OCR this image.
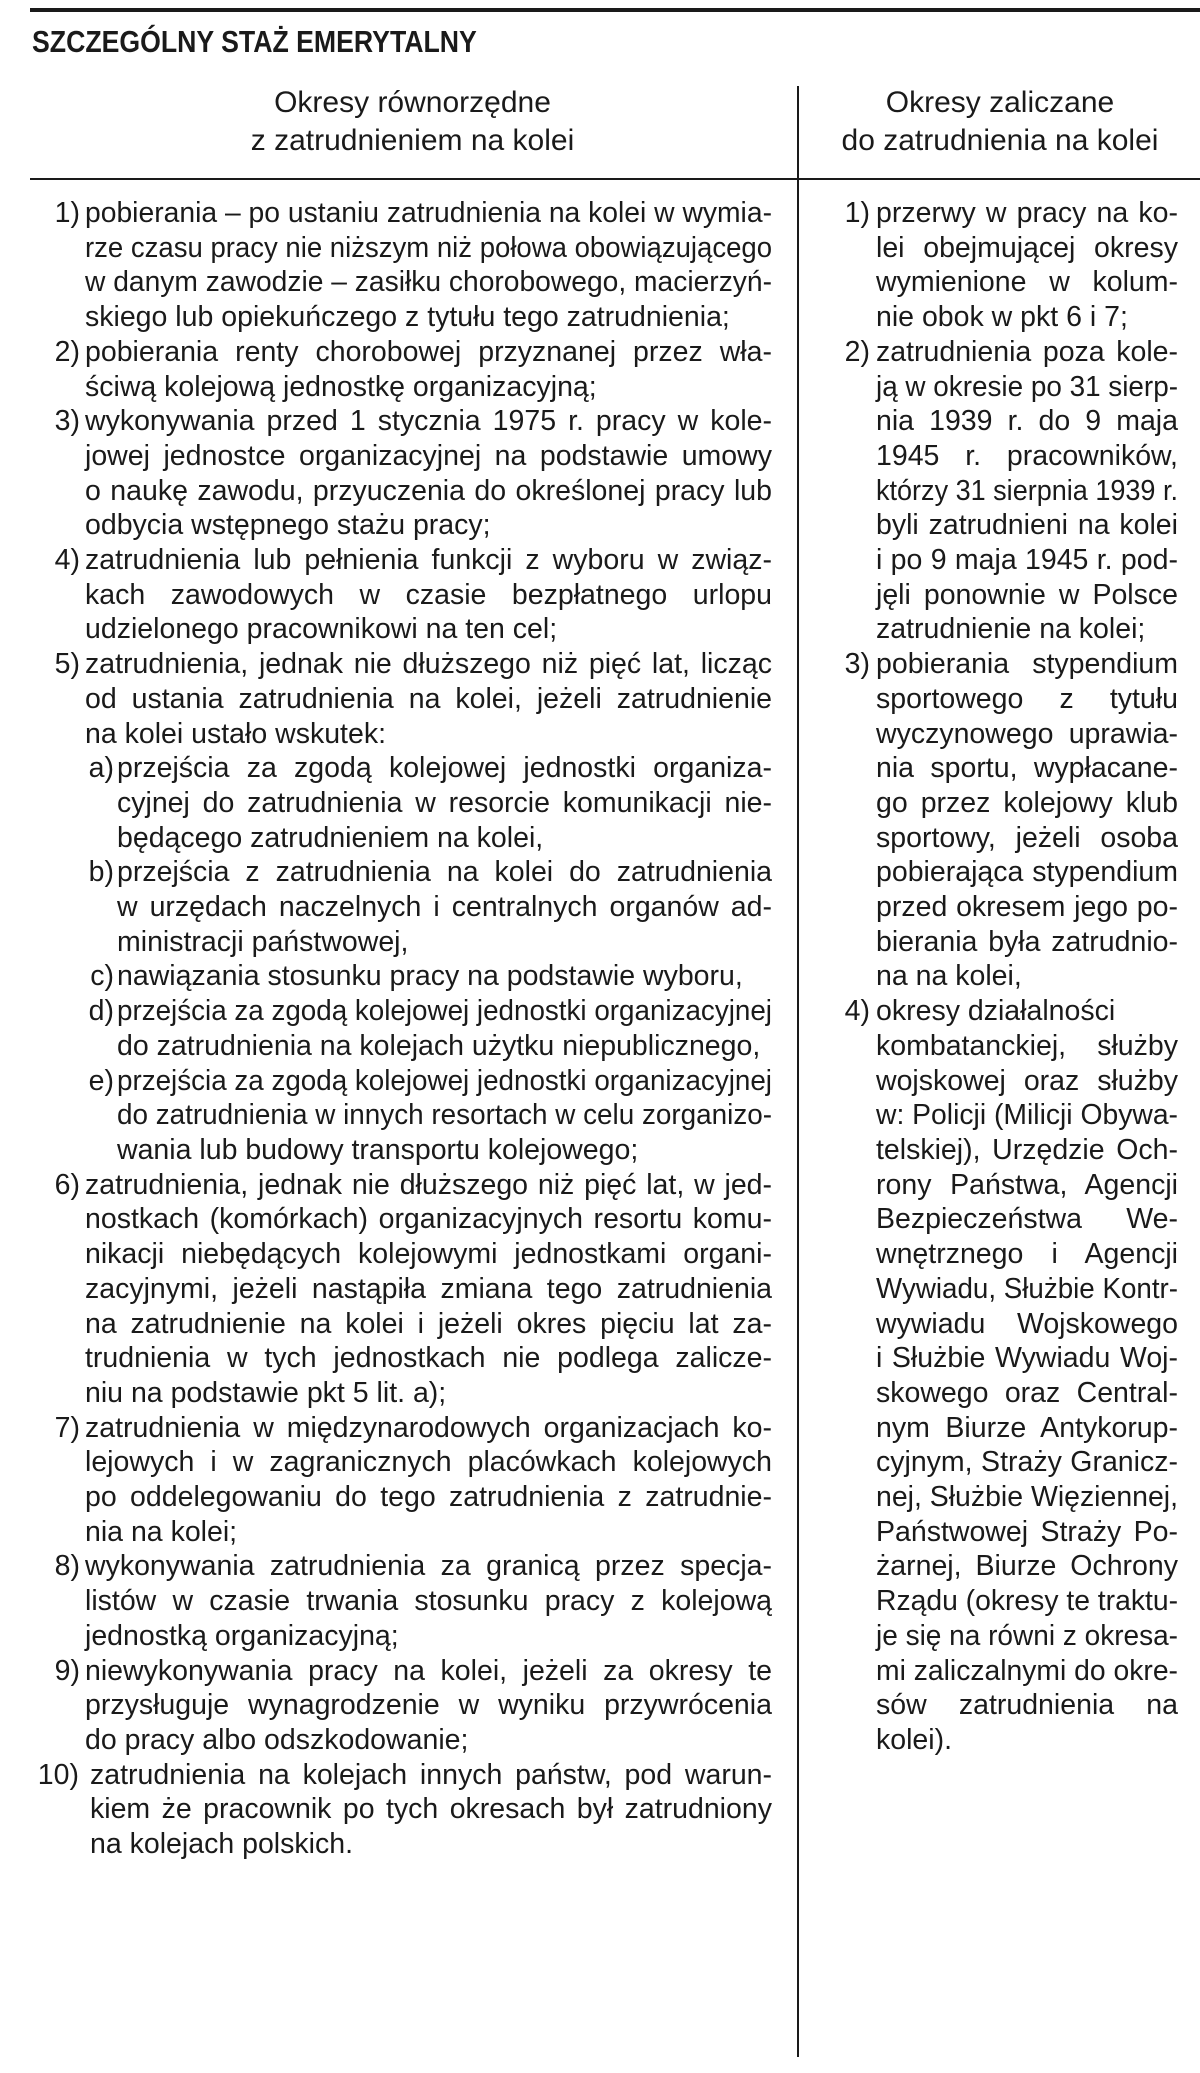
SZCZEGÓLNY STAŻ EMERYTALNY
Okresy równorzędne
z zatrudnieniem na kolei
Okresy zaliczane
do zatrudnienia na kolei
1) pobierania – po ustaniu zatrudnienia na kolei w wymia-
rze czasu pracy nie niższym niż połowa obowiązującego
w danym zawodzie – zasiłku chorobowego, macierzyń-
skiego lub opiekuńczego z tytułu tego zatrudnienia;
2) pobierania renty chorobowej przyznanej przez wła-
ściwą kolejową jednostkę organizacyjną;
3) wykonywania przed 1 stycznia 1975 r. pracy w kole-
jowej jednostce organizacyjnej na podstawie umowy
o naukę zawodu, przyuczenia do określonej pracy lub
odbycia wstępnego stażu pracy;
4) zatrudnienia lub pełnienia funkcji z wyboru w związ-
kach zawodowych w czasie bezpłatnego urlopu
udzielonego pracownikowi na ten cel;
5) zatrudnienia, jednak nie dłuższego niż pięć lat, licząc
od ustania zatrudnienia na kolei, jeżeli zatrudnienie
na kolei ustało wskutek:
a) przejścia za zgodą kolejowej jednostki organiza-
cyjnej do zatrudnienia w resorcie komunikacji nie-
będącego zatrudnieniem na kolei,
b) przejścia z zatrudnienia na kolei do zatrudnienia
w urzędach naczelnych i centralnych organów ad-
ministracji państwowej,
c) nawiązania stosunku pracy na podstawie wyboru,
d) przejścia za zgodą kolejowej jednostki organizacyjnej
do zatrudnienia na kolejach użytku niepublicznego,
e) przejścia za zgodą kolejowej jednostki organizacyjnej
do zatrudnienia w innych resortach w celu zorganizo-
wania lub budowy transportu kolejowego;
6) zatrudnienia, jednak nie dłuższego niż pięć lat, w jed-
nostkach (komórkach) organizacyjnych resortu komu-
nikacji niebędących kolejowymi jednostkami organi-
zacyjnymi, jeżeli nastąpiła zmiana tego zatrudnienia
na zatrudnienie na kolei i jeżeli okres pięciu lat za-
trudnienia w tych jednostkach nie podlega zalicze-
niu na podstawie pkt 5 lit. a);
7) zatrudnienia w międzynarodowych organizacjach ko-
lejowych i w zagranicznych placówkach kolejowych
po oddelegowaniu do tego zatrudnienia z zatrudnie-
nia na kolei;
8) wykonywania zatrudnienia za granicą przez specja-
listów w czasie trwania stosunku pracy z kolejową
jednostką organizacyjną;
9) niewykonywania pracy na kolei, jeżeli za okresy te
przysługuje wynagrodzenie w wyniku przywrócenia
do pracy albo odszkodowanie;
10) zatrudnienia na kolejach innych państw, pod warun-
kiem że pracownik po tych okresach był zatrudniony
na kolejach polskich.
1) przerwy w pracy na ko-
lei obejmującej okresy
wymienione w kolum-
nie obok w pkt 6 i 7;
2) zatrudnienia poza kole-
ją w okresie po 31 sierp-
nia 1939 r. do 9 maja
1945 r. pracowników,
którzy 31 sierpnia 1939 r.
byli zatrudnieni na kolei
i po 9 maja 1945 r. pod-
jęli ponownie w Polsce
zatrudnienie na kolei;
3) pobierania stypendium
sportowego z tytułu
wyczynowego uprawia-
nia sportu, wypłacane-
go przez kolejowy klub
sportowy, jeżeli osoba
pobierająca stypendium
przed okresem jego po-
bierania była zatrudnio-
na na kolei,
4) okresy działalności
kombatanckiej, służby
wojskowej oraz służby
w: Policji (Milicji Obywa-
telskiej), Urzędzie Och-
rony Państwa, Agencji
Bezpieczeństwa We-
wnętrznego i Agencji
Wywiadu, Służbie Kontr-
wywiadu Wojskowego
i Służbie Wywiadu Woj-
skowego oraz Central-
nym Biurze Antykorup-
cyjnym, Straży Granicz-
nej, Służbie Więziennej,
Państwowej Straży Po-
żarnej, Biurze Ochrony
Rządu (okresy te traktu-
je się na równi z okresa-
mi zaliczalnymi do okre-
sów zatrudnienia na
kolei).
